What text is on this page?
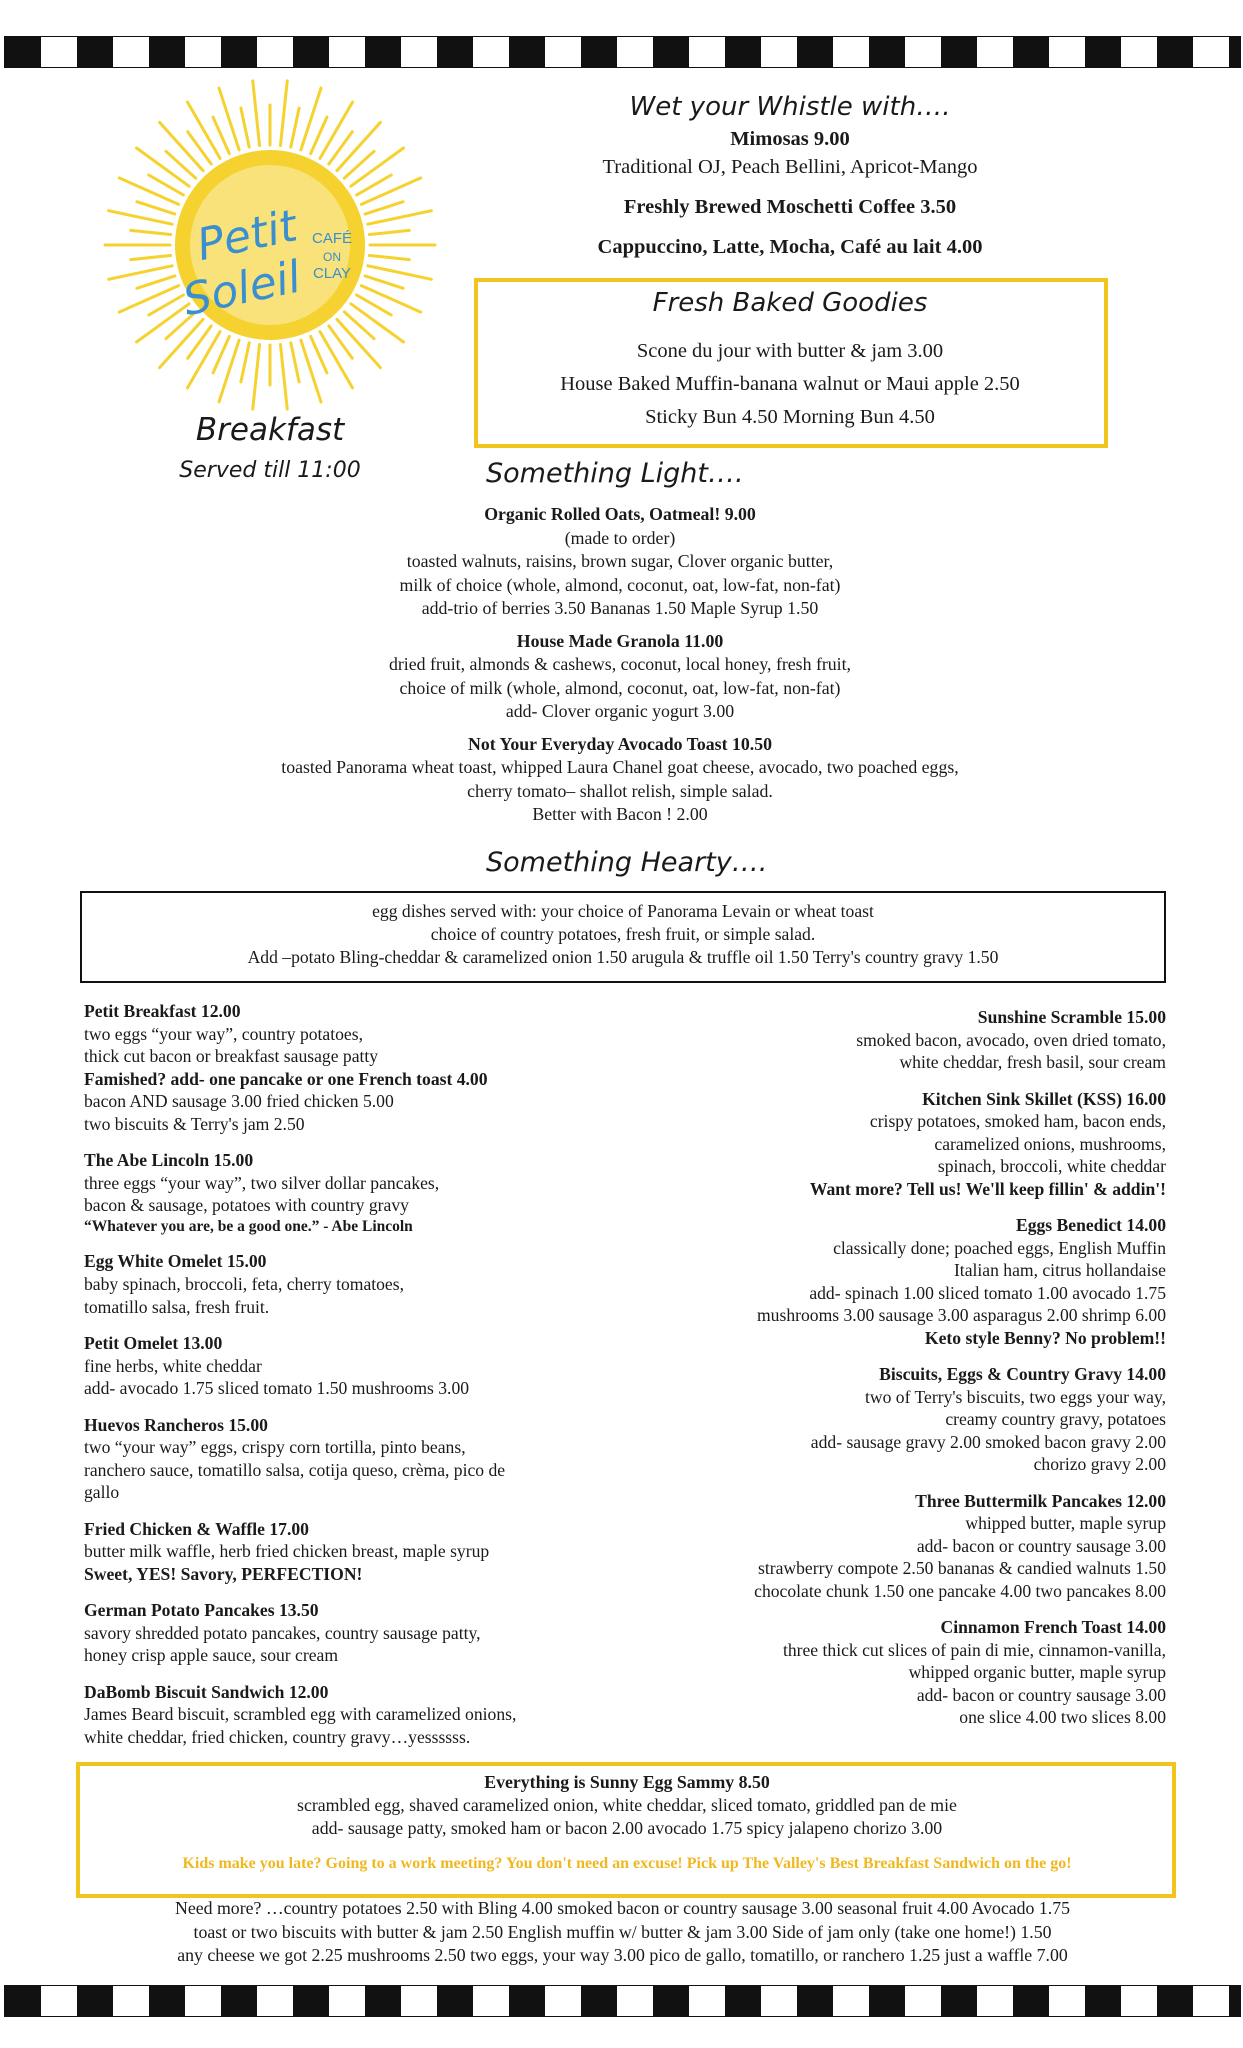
Petit
Soleil
CAFÉ
ON
CLAY
Breakfast
Served till 11:00
Wet your Whistle with….
Mimosas 9.00
Traditional OJ, Peach Bellini, Apricot-Mango
Freshly Brewed Moschetti Coffee 3.50
Cappuccino, Latte, Mocha, Café au lait 4.00
Fresh Baked Goodies
Scone du jour with butter & jam 3.00
House Baked Muffin-banana walnut or Maui apple 2.50
Sticky Bun 4.50 Morning Bun 4.50
Something Light….
Organic Rolled Oats, Oatmeal! 9.00
(made to order)
toasted walnuts, raisins, brown sugar, Clover organic butter,
milk of choice (whole, almond, coconut, oat, low-fat, non-fat)
add-trio of berries 3.50 Bananas 1.50 Maple Syrup 1.50
House Made Granola 11.00
dried fruit, almonds & cashews, coconut, local honey, fresh fruit,
choice of milk (whole, almond, coconut, oat, low-fat, non-fat)
add- Clover organic yogurt 3.00
Not Your Everyday Avocado Toast 10.50
toasted Panorama wheat toast, whipped Laura Chanel goat cheese, avocado, two poached eggs,
cherry tomato– shallot relish, simple salad.
Better with Bacon ! 2.00
Something Hearty….
egg dishes served with: your choice of Panorama Levain or wheat toast
choice of country potatoes, fresh fruit, or simple salad.
Add –potato Bling-cheddar & caramelized onion 1.50 arugula & truffle oil 1.50 Terry's country gravy 1.50
Petit Breakfast 12.00
two eggs “your way”, country potatoes,
thick cut bacon or breakfast sausage patty
Famished? add- one pancake or one French toast 4.00
bacon AND sausage 3.00 fried chicken 5.00
two biscuits & Terry's jam 2.50
The Abe Lincoln 15.00
three eggs “your way”, two silver dollar pancakes,
bacon & sausage, potatoes with country gravy
“Whatever you are, be a good one.” - Abe Lincoln
Egg White Omelet 15.00
baby spinach, broccoli, feta, cherry tomatoes,
tomatillo salsa, fresh fruit.
Petit Omelet 13.00
fine herbs, white cheddar
add- avocado 1.75 sliced tomato 1.50 mushrooms 3.00
Huevos Rancheros 15.00
two “your way” eggs, crispy corn tortilla, pinto beans,
ranchero sauce, tomatillo salsa, cotija queso, crèma, pico de
gallo
Fried Chicken & Waffle 17.00
butter milk waffle, herb fried chicken breast, maple syrup
Sweet, YES! Savory, PERFECTION!
German Potato Pancakes 13.50
savory shredded potato pancakes, country sausage patty,
honey crisp apple sauce, sour cream
DaBomb Biscuit Sandwich 12.00
James Beard biscuit, scrambled egg with caramelized onions,
white cheddar, fried chicken, country gravy…yessssss.
Sunshine Scramble 15.00
smoked bacon, avocado, oven dried tomato,
white cheddar, fresh basil, sour cream
Kitchen Sink Skillet (KSS) 16.00
crispy potatoes, smoked ham, bacon ends,
caramelized onions, mushrooms,
spinach, broccoli, white cheddar
Want more? Tell us! We'll keep fillin' & addin'!
Eggs Benedict 14.00
classically done; poached eggs, English Muffin
Italian ham, citrus hollandaise
add- spinach 1.00 sliced tomato 1.00 avocado 1.75
mushrooms 3.00 sausage 3.00 asparagus 2.00 shrimp 6.00
Keto style Benny? No problem!!
Biscuits, Eggs & Country Gravy 14.00
two of Terry's biscuits, two eggs your way,
creamy country gravy, potatoes
add- sausage gravy 2.00 smoked bacon gravy 2.00
chorizo gravy 2.00
Three Buttermilk Pancakes 12.00
whipped butter, maple syrup
add- bacon or country sausage 3.00
strawberry compote 2.50 bananas & candied walnuts 1.50
chocolate chunk 1.50 one pancake 4.00 two pancakes 8.00
Cinnamon French Toast 14.00
three thick cut slices of pain di mie, cinnamon-vanilla,
whipped organic butter, maple syrup
add- bacon or country sausage 3.00
one slice 4.00 two slices 8.00
Everything is Sunny Egg Sammy 8.50
scrambled egg, shaved caramelized onion, white cheddar, sliced tomato, griddled pan de mie
add- sausage patty, smoked ham or bacon 2.00 avocado 1.75 spicy jalapeno chorizo 3.00
Kids make you late? Going to a work meeting? You don't need an excuse! Pick up The Valley's Best Breakfast Sandwich on the go!
Need more? …country potatoes 2.50 with Bling 4.00 smoked bacon or country sausage 3.00 seasonal fruit 4.00 Avocado 1.75
toast or two biscuits with butter & jam 2.50 English muffin w/ butter & jam 3.00 Side of jam only (take one home!) 1.50
any cheese we got 2.25 mushrooms 2.50 two eggs, your way 3.00 pico de gallo, tomatillo, or ranchero 1.25 just a waffle 7.00
